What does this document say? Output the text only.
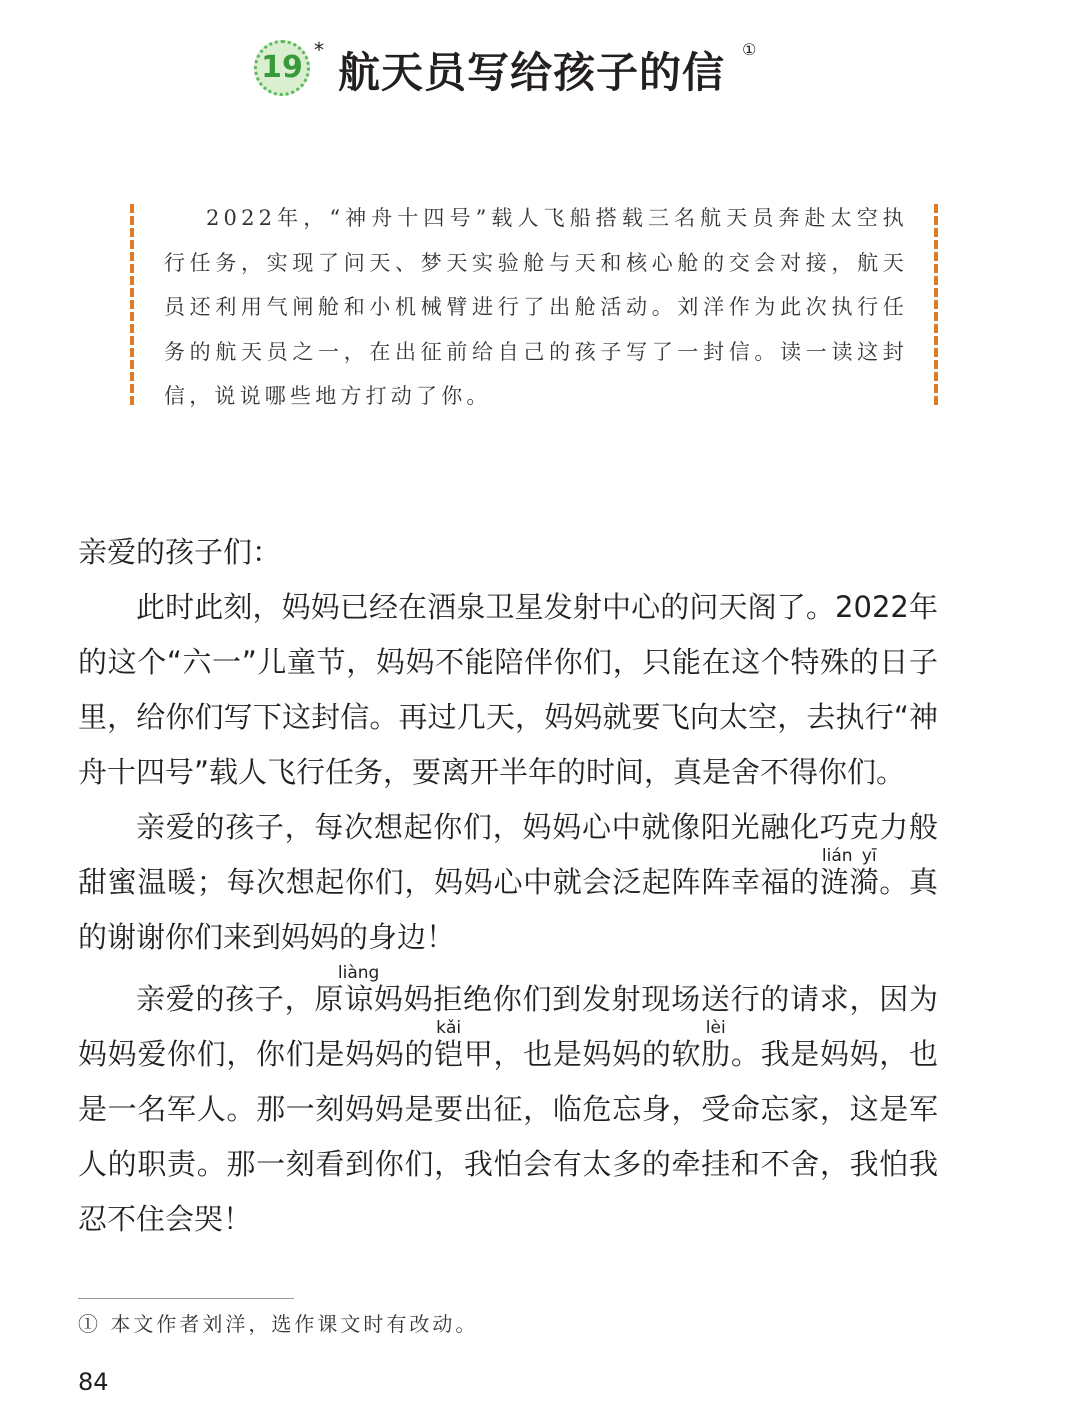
19 * 航天员写给孩子的信 ①

2022年，“神舟十四号”载人飞船搭载三名航天员奔赴太空执行任务，实现了问天、梦天实验舱与天和核心舱的交会对接，航天员还利用气闸舱和小机械臂进行了出舱活动。刘洋作为此次执行任务的航天员之一，在出征前给自己的孩子写了一封信。读一读这封信，说说哪些地方打动了你。

亲爱的孩子们：

此时此刻，妈妈已经在酒泉卫星发射中心的问天阁了。2022年的这个“六一”儿童节，妈妈不能陪伴你们，只能在这个特殊的日子里，给你们写下这封信。再过几天，妈妈就要飞向太空，去执行“神舟十四号”载人飞行任务，要离开半年的时间，真是舍不得你们。

亲爱的孩子，每次想起你们，妈妈心中就像阳光融化巧克力般甜蜜温暖；每次想起你们，妈妈心中就会泛起阵阵幸福的涟漪lián yī。真的谢谢你们来到妈妈的身边！

亲爱的孩子，原谅liàng妈妈拒绝你们到发射现场送行的请求，因为妈妈爱你们，你们是妈妈的铠kǎi甲，也是妈妈的软肋lèi。我是妈妈，也是一名军人。那一刻妈妈是要出征，临危忘身，受命忘家，这是军人的职责。那一刻看到你们，我怕会有太多的牵挂和不舍，我怕我忍不住会哭！

① 本文作者刘洋，选作课文时有改动。
84
